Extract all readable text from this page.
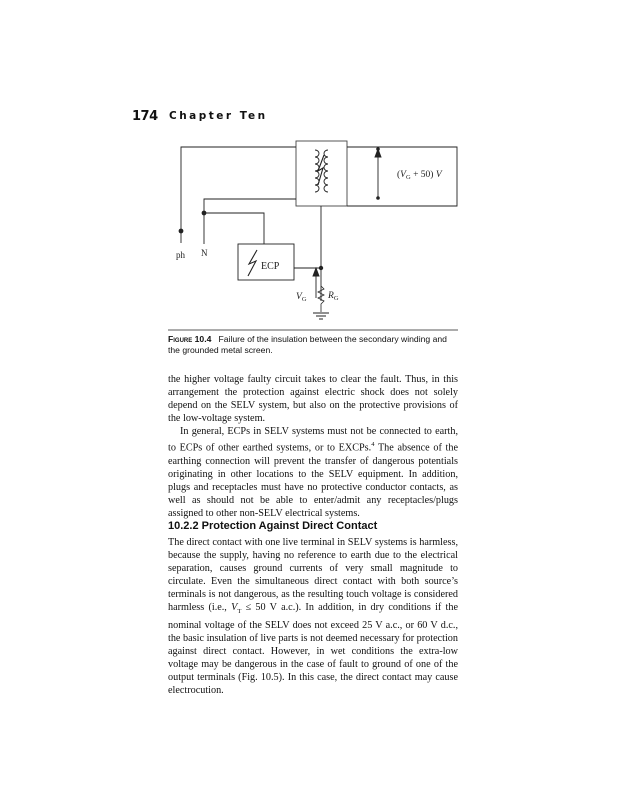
174 Chapter Ten
ph N
ECP
$(V_G + 50)$ V
$V_G$ $R_G$
Figure 10.4 Failure of the insulation between the secondary winding and the grounded metal screen.

the higher voltage faulty circuit takes to clear the fault. Thus, in this arrangement the protection against electric shock does not solely depend on the SELV system, but also on the protective provisions of the low-voltage system.

In general, ECPs in SELV systems must not be connected to earth, to ECPs of other earthed systems, or to EXCPs.$^4$ The absence of the earthing connection will prevent the transfer of dangerous potentials originating in other locations to the SELV equipment. In addition, plugs and receptacles must have no protective conductor contacts, as well as should not be able to enter/admit any receptacles/plugs assigned to other non-SELV electrical systems.

10.2.2 Protection Against Direct Contact

The direct contact with one live terminal in SELV systems is harmless, because the supply, having no reference to earth due to the electrical separation, causes ground currents of very small magnitude to circulate. Even the simultaneous direct contact with both source’s terminals is not dangerous, as the resulting touch voltage is considered harmless (i.e., $V_T \le 50$ V a.c.). In addition, in dry conditions if the nominal voltage of the SELV does not exceed 25 V a.c., or 60 V d.c., the basic insulation of live parts is not deemed necessary for protection against direct contact. However, in wet conditions the extra-low voltage may be dangerous in the case of fault to ground of one of the output terminals (Fig. 10.5). In this case, the direct contact may cause electrocution.
